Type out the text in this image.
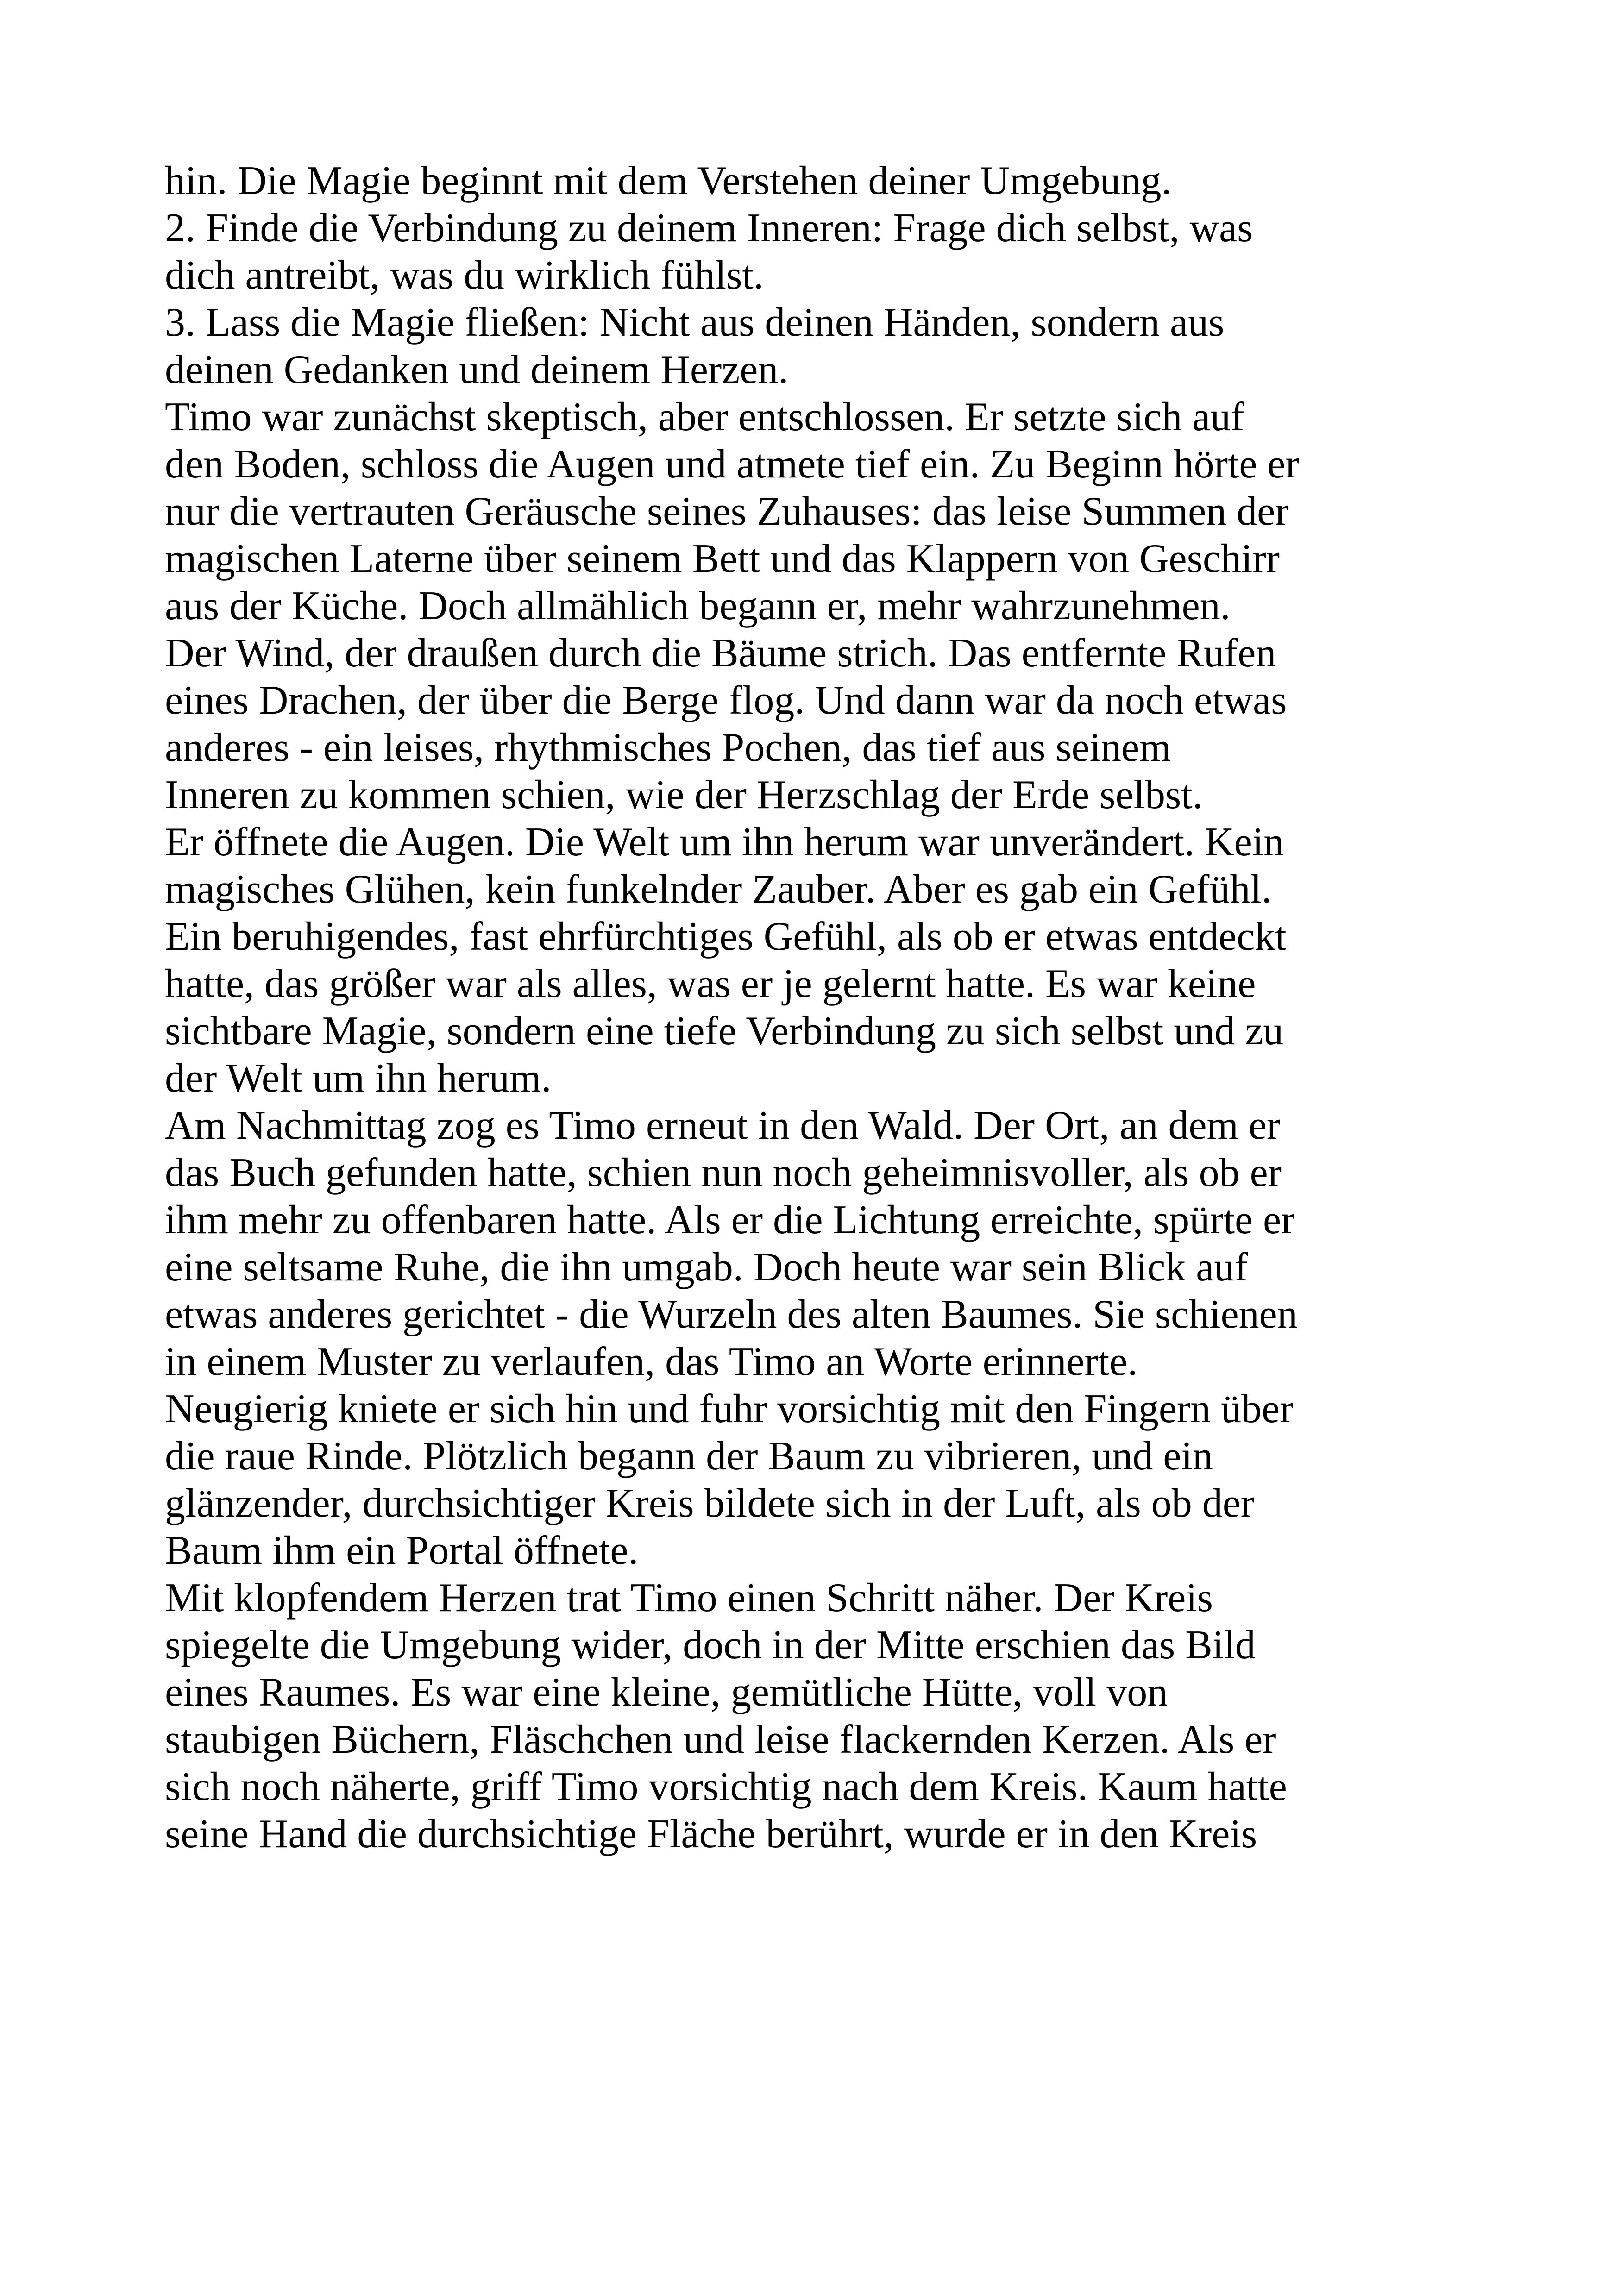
hin. Die Magie beginnt mit dem Verstehen deiner Umgebung.
2. Finde die Verbindung zu deinem Inneren: Frage dich selbst, was
dich antreibt, was du wirklich fühlst.
3. Lass die Magie fließen: Nicht aus deinen Händen, sondern aus
deinen Gedanken und deinem Herzen.
Timo war zunächst skeptisch, aber entschlossen. Er setzte sich auf
den Boden, schloss die Augen und atmete tief ein. Zu Beginn hörte er
nur die vertrauten Geräusche seines Zuhauses: das leise Summen der
magischen Laterne über seinem Bett und das Klappern von Geschirr
aus der Küche. Doch allmählich begann er, mehr wahrzunehmen.
Der Wind, der draußen durch die Bäume strich. Das entfernte Rufen
eines Drachen, der über die Berge flog. Und dann war da noch etwas
anderes - ein leises, rhythmisches Pochen, das tief aus seinem
Inneren zu kommen schien, wie der Herzschlag der Erde selbst.
Er öffnete die Augen. Die Welt um ihn herum war unverändert. Kein
magisches Glühen, kein funkelnder Zauber. Aber es gab ein Gefühl.
Ein beruhigendes, fast ehrfürchtiges Gefühl, als ob er etwas entdeckt
hatte, das größer war als alles, was er je gelernt hatte. Es war keine
sichtbare Magie, sondern eine tiefe Verbindung zu sich selbst und zu
der Welt um ihn herum.
Am Nachmittag zog es Timo erneut in den Wald. Der Ort, an dem er
das Buch gefunden hatte, schien nun noch geheimnisvoller, als ob er
ihm mehr zu offenbaren hatte. Als er die Lichtung erreichte, spürte er
eine seltsame Ruhe, die ihn umgab. Doch heute war sein Blick auf
etwas anderes gerichtet - die Wurzeln des alten Baumes. Sie schienen
in einem Muster zu verlaufen, das Timo an Worte erinnerte.
Neugierig kniete er sich hin und fuhr vorsichtig mit den Fingern über
die raue Rinde. Plötzlich begann der Baum zu vibrieren, und ein
glänzender, durchsichtiger Kreis bildete sich in der Luft, als ob der
Baum ihm ein Portal öffnete.
Mit klopfendem Herzen trat Timo einen Schritt näher. Der Kreis
spiegelte die Umgebung wider, doch in der Mitte erschien das Bild
eines Raumes. Es war eine kleine, gemütliche Hütte, voll von
staubigen Büchern, Fläschchen und leise flackernden Kerzen. Als er
sich noch näherte, griff Timo vorsichtig nach dem Kreis. Kaum hatte
seine Hand die durchsichtige Fläche berührt, wurde er in den Kreis
